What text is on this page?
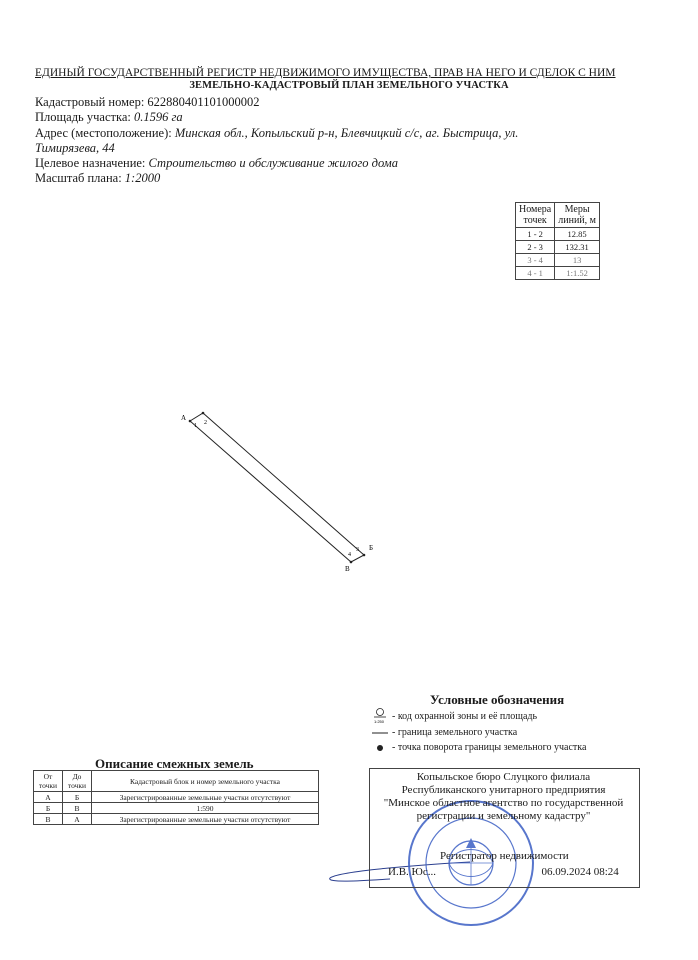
ЕДИНЫЙ ГОСУДАРСТВЕННЫЙ РЕГИСТР НЕДВИЖИМОГО ИМУЩЕСТВА, ПРАВ НА НЕГО И СДЕЛОК С НИМ
ЗЕМЕЛЬНО-КАДАСТРОВЫЙ ПЛАН ЗЕМЕЛЬНОГО УЧАСТКА
Кадастровый номер: 622880401101000002
Площадь участка: 0.1596 га
Адрес (местоположение): Минская обл., Копыльский р-н, Блевчицкий с/с, аг. Быстрица, ул.
Тимирязева, 44
Целевое назначение: Строительство и обслуживание жилого дома
Масштаб плана: 1:2000
Номера
точек	Меры
линий, м
1 - 2	12.85
2 - 3	132.31
3 - 4	13
4 - 1	1:1.52
А
Б
В
1 2
3
4
1:250
Условные обозначения
- код охранной зоны и её площадь
- граница земельного участка
- точка поворота границы земельного участка
Описание смежных земель
От
точки	До
точки	Кадастровый блок и номер земельного участка
А	Б	Зарегистрированные земельные участки отсутствуют
Б	В	1:590
В	А	Зарегистрированные земельные участки отсутствуют
Копыльское бюро Слуцкого филиала
Республиканского унитарного предприятия
"Минское областное агентство по государственной
регистрации и земельному кадастру"
Регистратор недвижимости
И.В. Юс...	06.09.2024 08:24
